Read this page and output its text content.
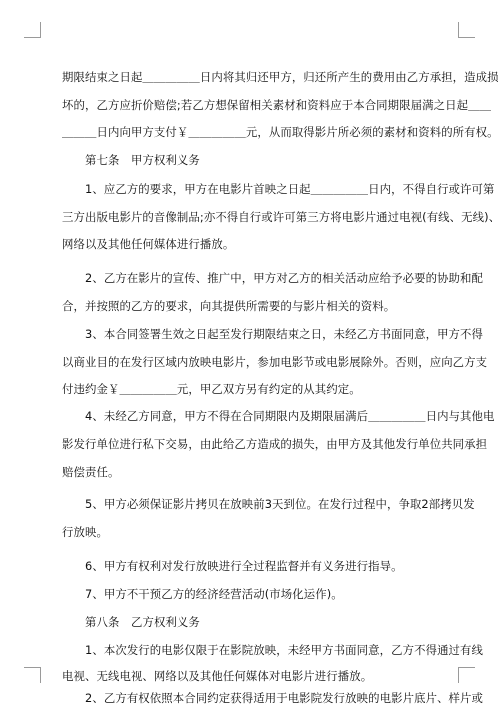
期限结束之日起＿＿＿＿＿日内将其归还甲方，归还所产生的费用由乙方承担，造成损
坏的，乙方应折价赔偿;若乙方想保留相关素材和资料应于本合同期限届满之日起＿＿
＿＿＿日内向甲方支付￥＿＿＿＿＿元，从而取得影片所必须的素材和资料的所有权。
第七条　甲方权利义务
1、应乙方的要求，甲方在电影片首映之日起＿＿＿＿＿日内，不得自行或许可第
三方出版电影片的音像制品;亦不得自行或许可第三方将电影片通过电视(有线、无线)、
网络以及其他任何媒体进行播放。
2、乙方在影片的宣传、推广中，甲方对乙方的相关活动应给予必要的协助和配
合，并按照的乙方的要求，向其提供所需要的与影片相关的资料。
3、本合同签署生效之日起至发行期限结束之日，未经乙方书面同意，甲方不得
以商业目的在发行区域内放映电影片，参加电影节或电影展除外。否则，应向乙方支
付违约金￥＿＿＿＿＿元，甲乙双方另有约定的从其约定。
4、未经乙方同意，甲方不得在合同期限内及期限届满后＿＿＿＿＿日内与其他电
影发行单位进行私下交易，由此给乙方造成的损失，由甲方及其他发行单位共同承担
赔偿责任。
5、甲方必须保证影片拷贝在放映前3天到位。在发行过程中，争取2部拷贝发
行放映。
6、甲方有权利对发行放映进行全过程监督并有义务进行指导。
7、甲方不干预乙方的经济经营活动(市场化运作)。
第八条　乙方权利义务
1、本次发行的电影仅限于在影院放映，未经甲方书面同意，乙方不得通过有线
电视、无线电视、网络以及其他任何媒体对电影片进行播放。
2、乙方有权依照本合同约定获得适用于电影院发行放映的电影片底片、样片或
